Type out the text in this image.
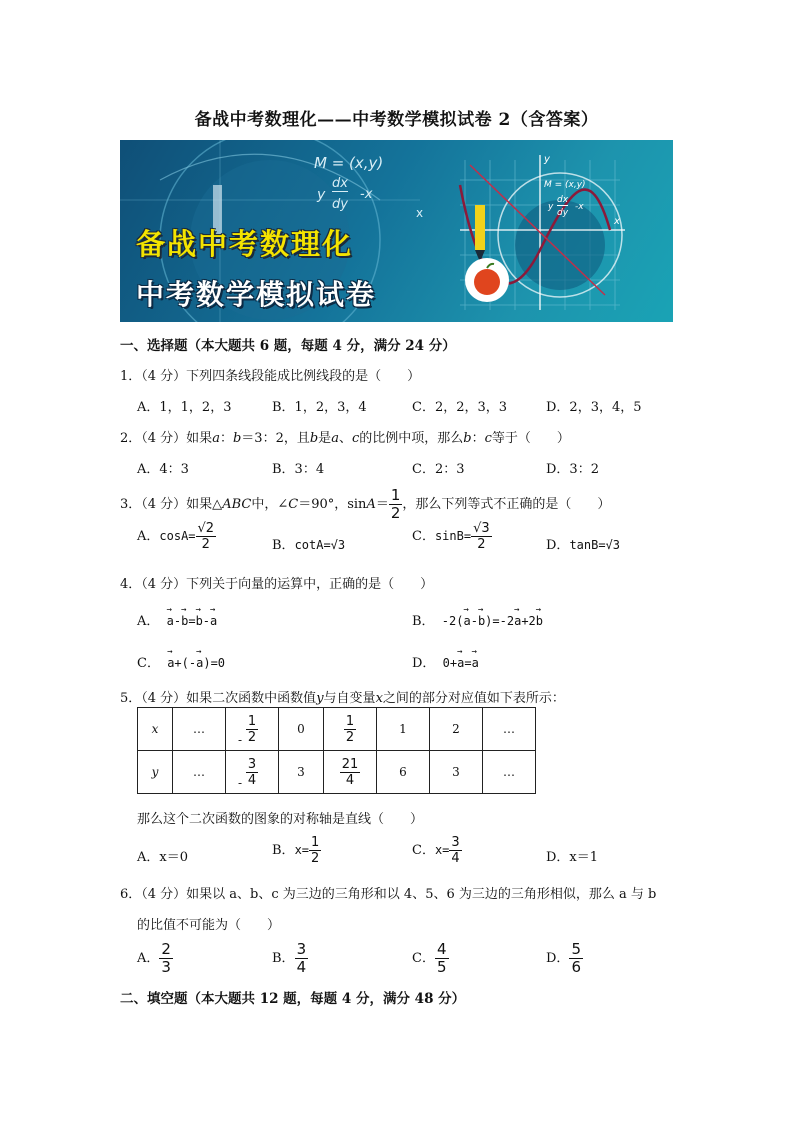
备战中考数理化——中考数学模拟试卷 2（含答案）
备战中考数理化
中考数学模拟试卷
M = (x,y)
y
dx
dy
-x
x
y
x
M = (x,y)
y
dx
dy
-x
一、选择题（本大题共 6 题，每题 4 分，满分 24 分）
1．（4 分）下列四条线段能成比例线段的是（　　）
A．1，1，2，3	B．1，2，3，4	C．2，2，3，3	D．2，3，4，5
2．（4 分）如果a：b＝3：2，且b是a、c的比例中项，那么b：c等于（　　）
A．4：3	B．3：4	C．2：3	D．3：2
3．（4 分）如果△ABC中，∠C＝90°，$\sin A= \frac{1}{2}$ ，那么下列等式不正确的是（　　）
A．$\cos A= \frac{√2}{2}$	B．cotA=√3
C．$\sin B= \frac{√3}{2}$	D．tanB=√3
4．（4 分）下列关于向量的运算中，正确的是（　　）
A． → a-→ b=→ b-→ a	B． -2(→ a-→ b)=-2→ a+2→ b
C． → a+(-→ a)=0	D． 0+→ a=→ a
5．（4 分）如果二次函数中函数值y与自变量x之间的部分对应值如下表所示：
x	…	$\frac{1}{2}$	0	$\frac{1}{2}$	1	2	…
y	…	$\frac{3}{4}$	3	$\frac{21}{4}$	6	3	…
-
-
那么这个二次函数的图象的对称轴是直线（　　）
A．x＝0	B．$x= \frac{1}{2}$	C．$x= \frac{3}{4}$	D．x＝1
6．（4 分）如果以 a、b、c 为三边的三角形和以 4、5、6 为三边的三角形相似，那么 a 与 b
的比值不可能为（　　）
A． $\frac{2}{3}$	B． $\frac{3}{4}$	C． $\frac{4}{5}$	D． $\frac{5}{6}$
二、填空题（本大题共 12 题，每题 4 分，满分 48 分）
